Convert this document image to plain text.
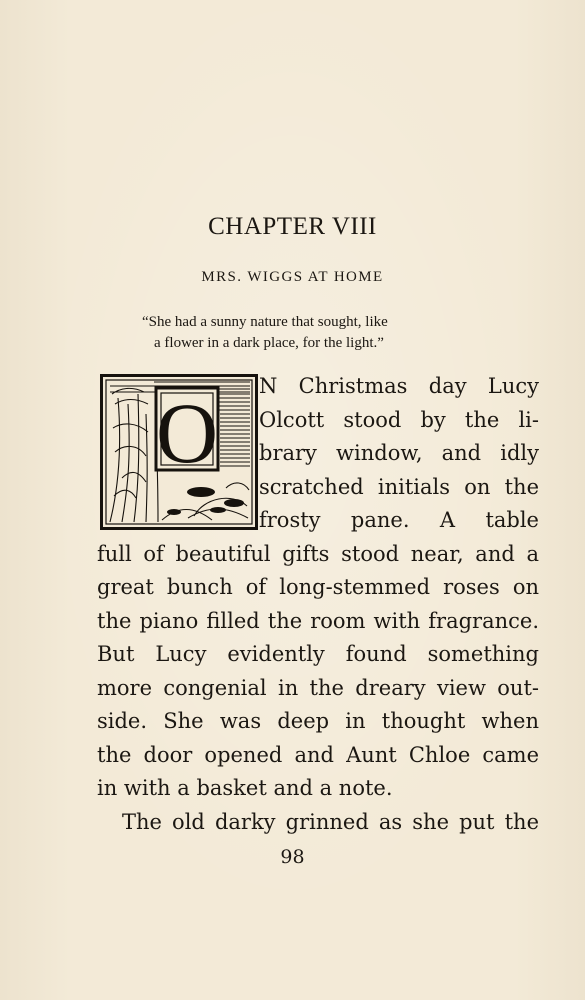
CHAPTER VIII
MRS. WIGGS AT HOME
“She had a sunny nature that sought, like
a flower in a dark place, for the light.”
O N Christmas day Lucy
Olcott stood by the li-
brary window, and idly
scratched initials on the
frosty pane. A table
full of beautiful gifts stood near, and a
great bunch of long-stemmed roses on
the piano filled the room with fragrance.
But Lucy evidently found something
more congenial in the dreary view out-
side. She was deep in thought when
the door opened and Aunt Chloe came
in with a basket and a note.
The old darky grinned as she put the
98
